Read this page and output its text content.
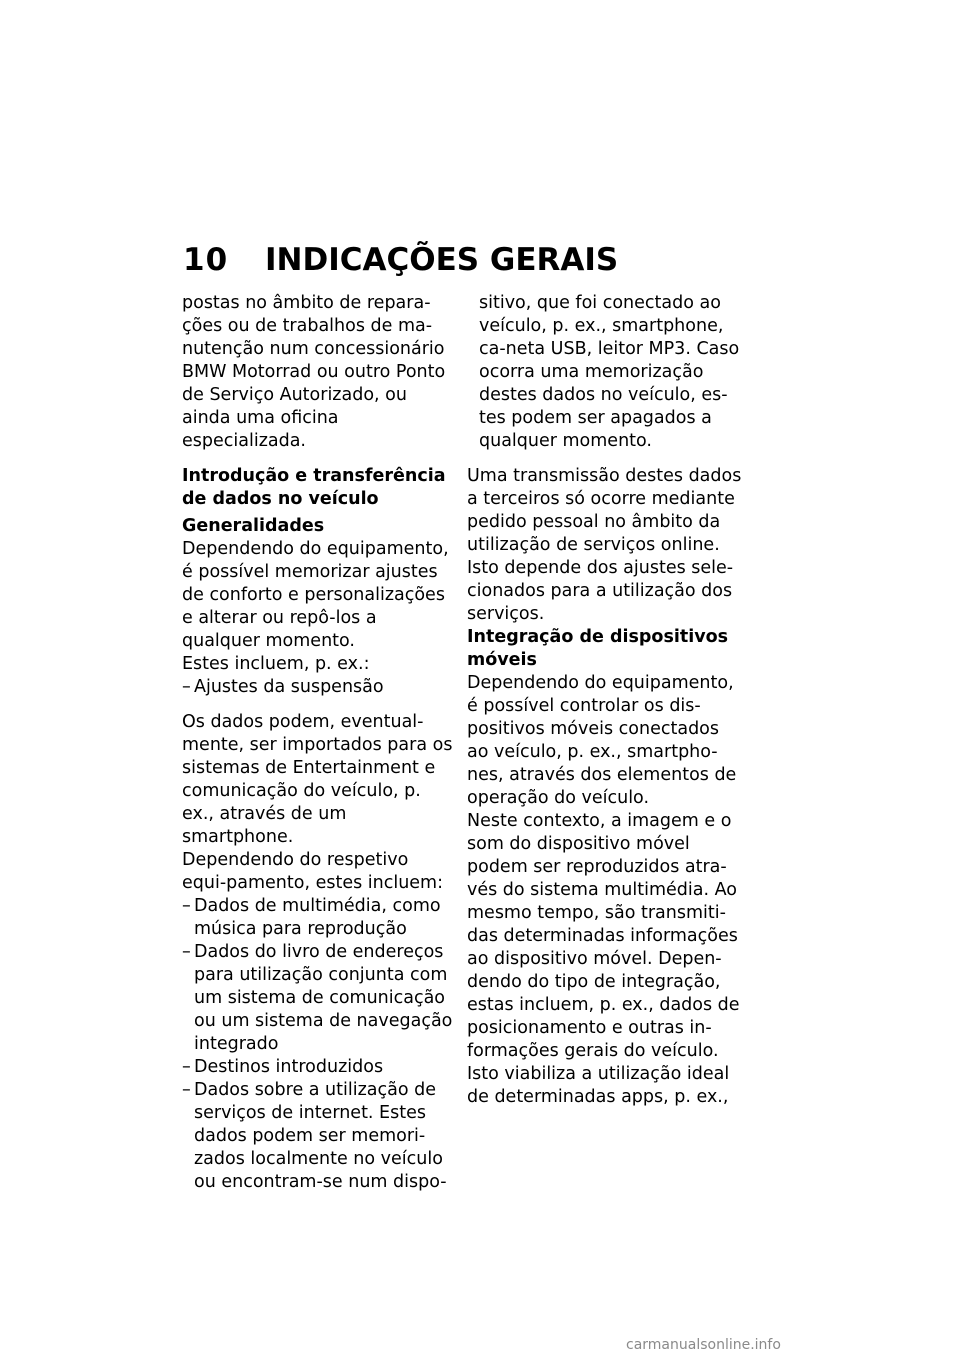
10	INDICAÇÕES GERAIS

postas no âmbito de repara-ções ou de trabalhos de ma-nutenção num concessionário BMW Motorrad ou outro Ponto de Serviço Autorizado, ou ainda uma oficina especializada.

Introdução e transferência de dados no veículo
Generalidades

Dependendo do equipamento, é possível memorizar ajustes de conforto e personalizações e alterar ou repô-los a qualquer momento.

Estes incluem, p. ex.:

– Ajustes da suspensão

Os dados podem, eventual-mente, ser importados para os sistemas de Entertainment e comunicação do veículo, p. ex., através de um smartphone.

Dependendo do respetivo equi-pamento, estes incluem:

– Dados de multimédia, como música para reprodução
– Dados do livro de endereços para utilização conjunta com um sistema de comunicação ou um sistema de navegação integrado
– Destinos introduzidos
– Dados sobre a utilização de serviços de internet. Estes dados podem ser memori-zados localmente no veículo ou encontram-se num dispo-
sitivo, que foi conectado ao veículo, p. ex., smartphone, ca-neta USB, leitor MP3. Caso ocorra uma memorização destes dados no veículo, es-tes podem ser apagados a qualquer momento.

Uma transmissão destes dados a terceiros só ocorre mediante pedido pessoal no âmbito da utilização de serviços online. Isto depende dos ajustes sele-cionados para a utilização dos serviços.

Integração de dispositivos móveis

Dependendo do equipamento, é possível controlar os dis-positivos móveis conectados ao veículo, p. ex., smartpho-nes, através dos elementos de operação do veículo.

Neste contexto, a imagem e o som do dispositivo móvel podem ser reproduzidos atra-vés do sistema multimédia. Ao mesmo tempo, são transmiti-das determinadas informações ao dispositivo móvel. Depen-dendo do tipo de integração, estas incluem, p. ex., dados de posicionamento e outras in-formações gerais do veículo.

Isto viabiliza a utilização ideal de determinadas apps, p. ex.,

carmanualsonline.info
